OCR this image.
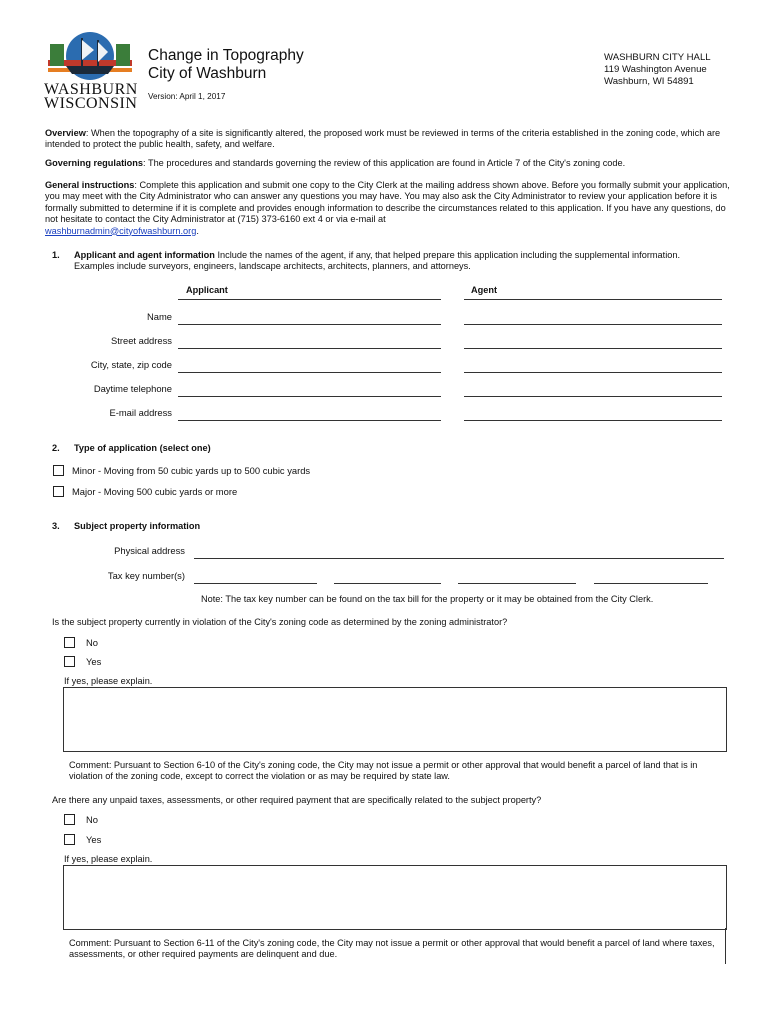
WASHBURN
WISCONSIN
Change in Topography
City of Washburn
Version: April 1, 2017
WASHBURN CITY HALL
119 Washington Avenue
Washburn, WI 54891
Overview: When the topography of a site is significantly altered, the proposed work must be reviewed in terms of the criteria established in the zoning code, which are intended to protect the public health, safety, and welfare.
Governing regulations: The procedures and standards governing the review of this application are found in Article 7 of the City's zoning code.
General instructions: Complete this application and submit one copy to the City Clerk at the mailing address shown above. Before you formally submit your application, you may meet with the City Administrator who can answer any questions you may have. You may also ask the City Administrator to review your application before it is formally submitted to determine if it is complete and provides enough information to describe the circumstances related to this application. If you have any questions, do not hesitate to contact the City Administrator at (715) 373-6160 ext 4 or via e-mail at
washburnadmin@cityofwashburn.org.
1. Applicant and agent information Include the names of the agent, if any, that helped prepare this application including the supplemental information. Examples include surveyors, engineers, landscape architects, architects, planners, and attorneys.
Applicant	Agent
Name
Street address
City, state, zip code
Daytime telephone
E-mail address
2. Type of application (select one)
Minor - Moving from 50 cubic yards up to 500 cubic yards
Major - Moving 500 cubic yards or more
3. Subject property information
Physical address
Tax key number(s)
Note: The tax key number can be found on the tax bill for the property or it may be obtained from the City Clerk.
Is the subject property currently in violation of the City's zoning code as determined by the zoning administrator?
No
Yes
If yes, please explain.
Comment: Pursuant to Section 6-10 of the City's zoning code, the City may not issue a permit or other approval that would benefit a parcel of land that is in violation of the zoning code, except to correct the violation or as may be required by state law.
Are there any unpaid taxes, assessments, or other required payment that are specifically related to the subject property?
No
Yes
If yes, please explain.
Comment: Pursuant to Section 6-11 of the City's zoning code, the City may not issue a permit or other approval that would benefit a parcel of land where taxes, assessments, or other required payments are delinquent and due.
